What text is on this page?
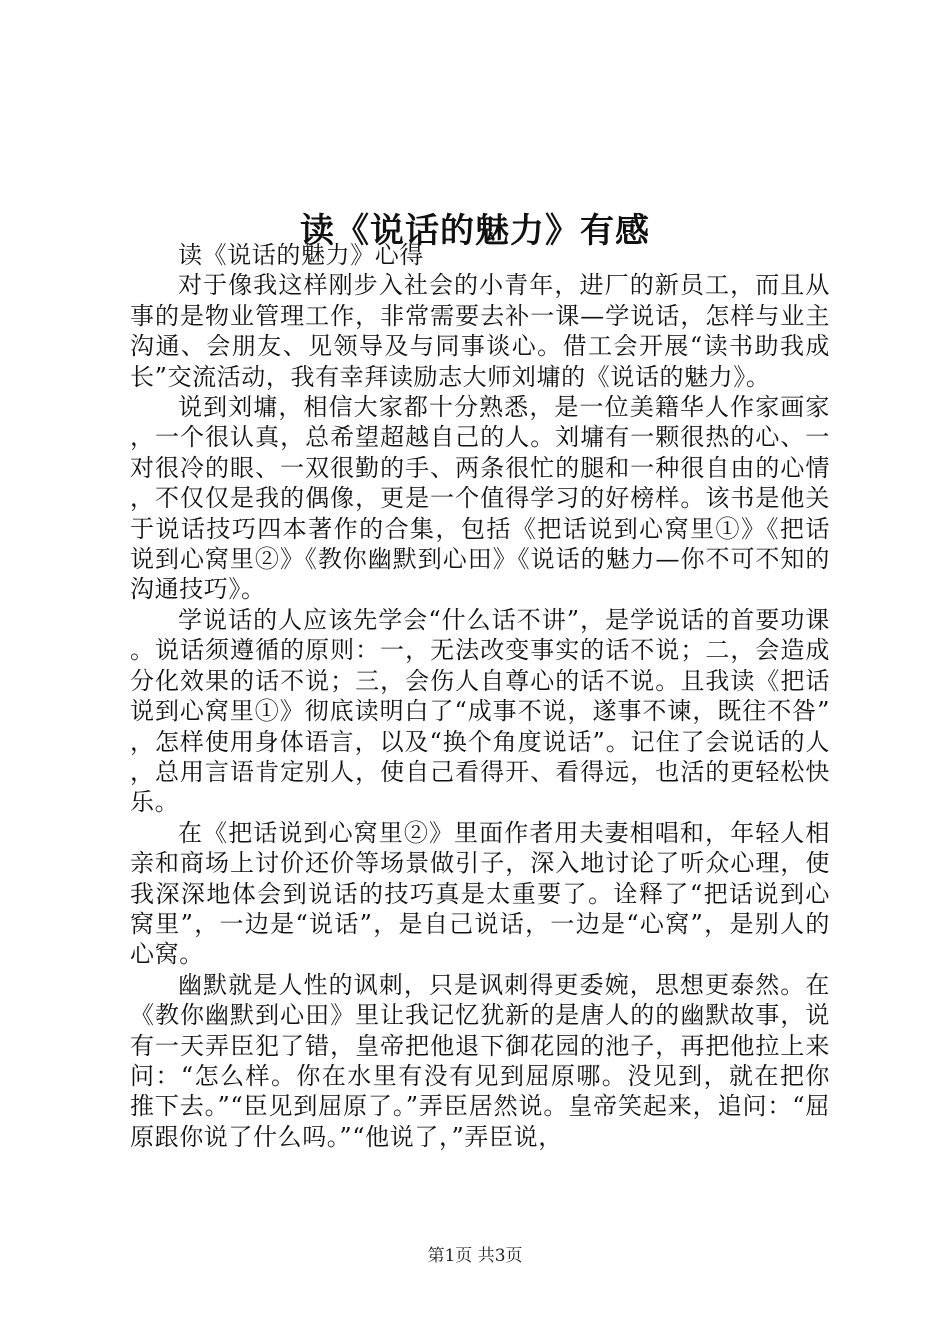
读《说话的魅力》有感

读《说话的魅力》心得

对于像我这样刚步入社会的小青年，进厂的新员工，而且从事的是物业管理工作，非常需要去补一课—学说话，怎样与业主沟通、会朋友、见领导及与同事谈心。借工会开展“读书助我成长”交流活动，我有幸拜读励志大师刘墉的《说话的魅力》。

说到刘墉，相信大家都十分熟悉，是一位美籍华人作家画家，一个很认真，总希望超越自己的人。刘墉有一颗很热的心、一对很冷的眼、一双很勤的手、两条很忙的腿和一种很自由的心情，不仅仅是我的偶像，更是一个值得学习的好榜样。该书是他关于说话技巧四本著作的合集，包括《把话说到心窝里①》《把话说到心窝里②》《教你幽默到心田》《说话的魅力—你不可不知的沟通技巧》。

学说话的人应该先学会“什么话不讲”，是学说话的首要功课。说话须遵循的原则：一，无法改变事实的话不说；二，会造成分化效果的话不说；三，会伤人自尊心的话不说。且我读《把话说到心窝里①》彻底读明白了“成事不说，遂事不谏，既往不咎”，怎样使用身体语言，以及“换个角度说话”。记住了会说话的人，总用言语肯定别人，使自己看得开、看得远，也活的更轻松快乐。

在《把话说到心窝里②》里面作者用夫妻相唱和，年轻人相亲和商场上讨价还价等场景做引子，深入地讨论了听众心理，使我深深地体会到说话的技巧真是太重要了。诠释了“把话说到心窝里”，一边是“说话”，是自己说话，一边是“心窝”，是别人的心窝。

幽默就是人性的讽刺，只是讽刺得更委婉，思想更泰然。在《教你幽默到心田》里让我记忆犹新的是唐人的的幽默故事，说有一天弄臣犯了错，皇帝把他退下御花园的池子，再把他拉上来问：“怎么样。你在水里有没有见到屈原哪。没见到，就在把你推下去。”“臣见到屈原了。”弄臣居然说。皇帝笑起来，追问：“屈原跟你说了什么吗。”“他说了，”弄臣说，

第1页 共3页
